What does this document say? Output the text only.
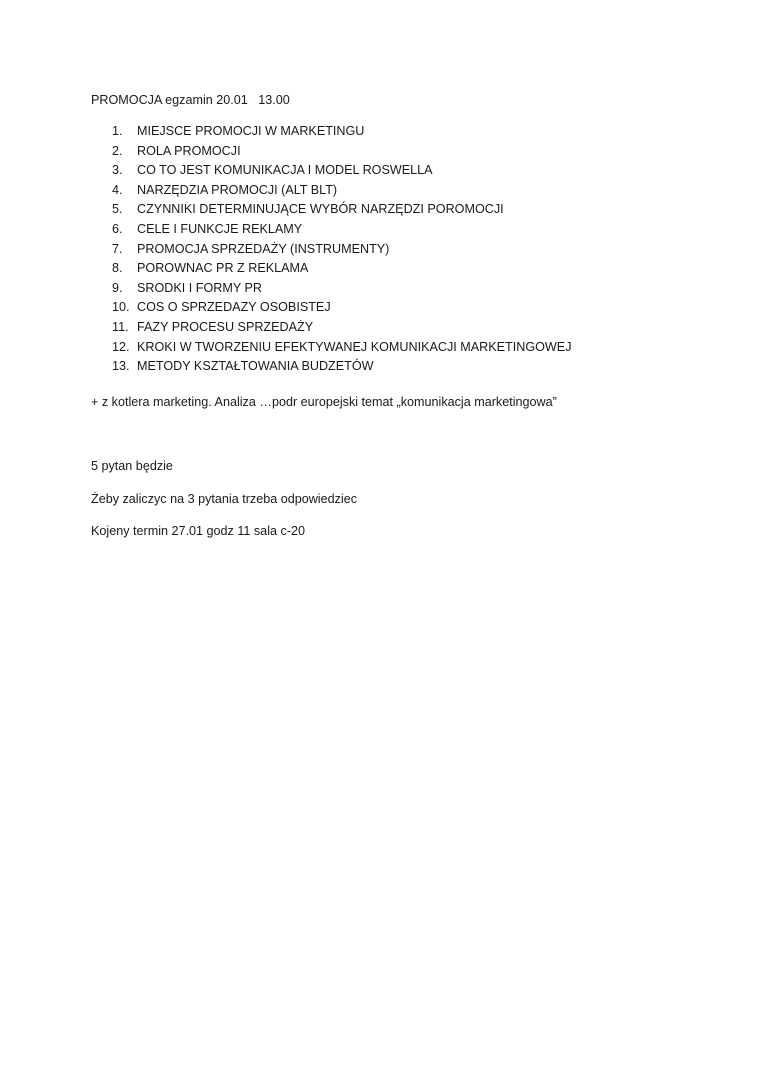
PROMOCJA egzamin 20.01   13.00
1. MIEJSCE PROMOCJI W MARKETINGU
2. ROLA PROMOCJI
3. CO TO JEST KOMUNIKACJA I MODEL ROSWELLA
4. NARZĘDZIA PROMOCJI (ALT BLT)
5. CZYNNIKI DETERMINUJĄCE WYBÓR NARZĘDZI POROMOCJI
6. CELE I FUNKCJE REKLAMY
7. PROMOCJA SPRZEDAŻY (INSTRUMENTY)
8. POROWNAC PR Z REKLAMA
9. SRODKI I FORMY PR
10. COS O SPRZEDAZY OSOBISTEJ
11. FAZY PROCESU SPRZEDAŻY
12. KROKI W TWORZENIU EFEKTYWANEJ KOMUNIKACJI MARKETINGOWEJ
13. METODY KSZTAŁTOWANIA BUDZETÓW
+ z kotlera marketing. Analiza …podr europejski temat „komunikacja marketingowa”
5 pytan będzie
Żeby zaliczyc na 3 pytania trzeba odpowiedziec
Kojeny termin 27.01 godz 11 sala c-20
